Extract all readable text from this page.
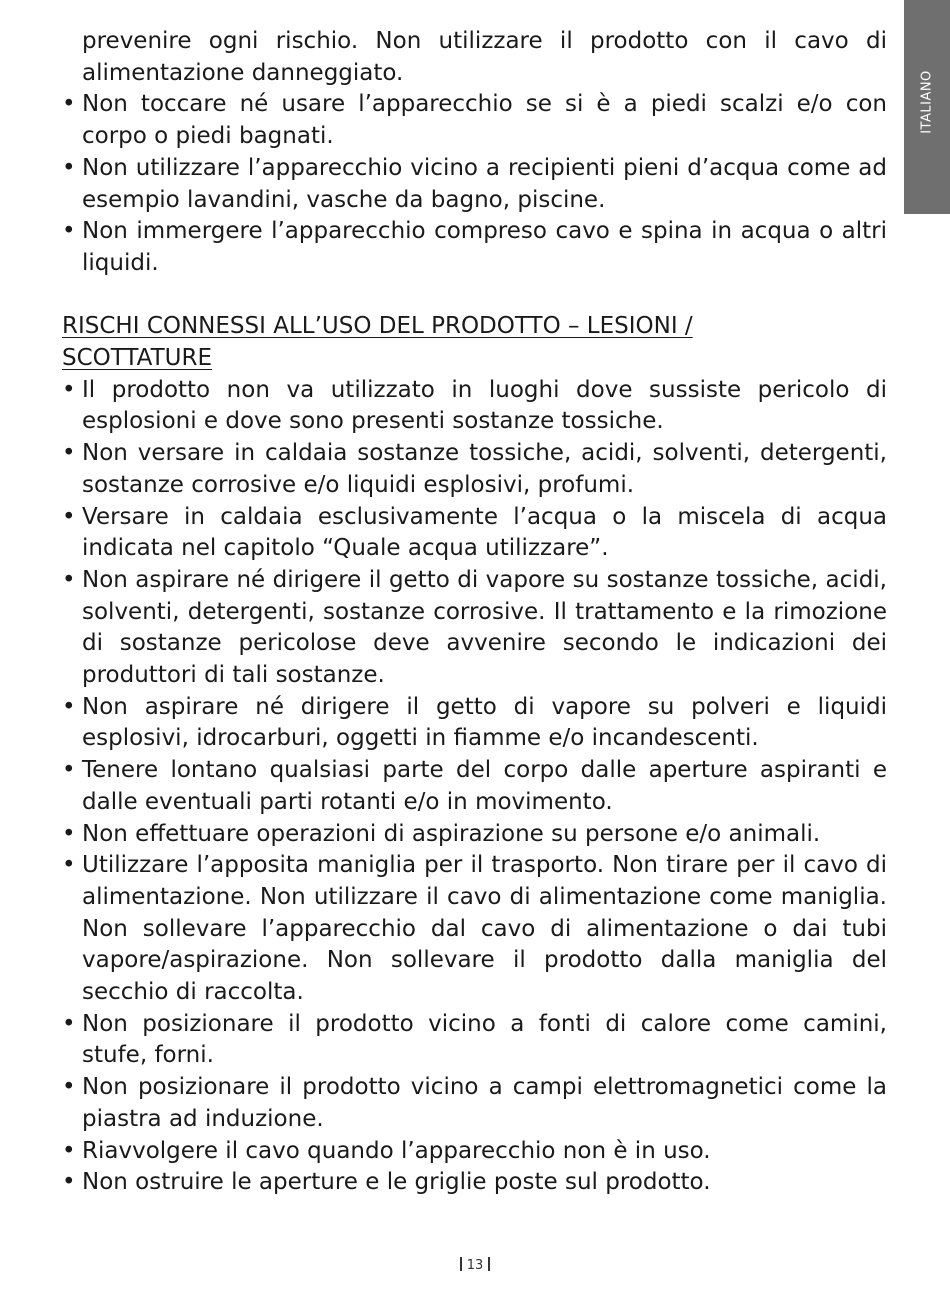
ITALIANO

prevenire ogni rischio. Non utilizzare il prodotto con il cavo di alimentazione danneggiato.

• Non toccare né usare l’apparecchio se si è a piedi scalzi e/o con corpo o piedi bagnati.
• Non utilizzare l’apparecchio vicino a recipienti pieni d’acqua come ad esempio lavandini, vasche da bagno, piscine.
• Non immergere l’apparecchio compreso cavo e spina in acqua o altri liquidi.
RISCHI CONNESSI ALL’USO DEL PRODOTTO – LESIONI / SCOTTATURE
• Il prodotto non va utilizzato in luoghi dove sussiste pericolo di esplosioni e dove sono presenti sostanze tossiche.
• Non versare in caldaia sostanze tossiche, acidi, solventi, detergenti, sostanze corrosive e/o liquidi esplosivi, profumi.
• Versare in caldaia esclusivamente l’acqua o la miscela di acqua indicata nel capitolo “Quale acqua utilizzare”.
• Non aspirare né dirigere il getto di vapore su sostanze tossiche, acidi, solventi, detergenti, sostanze corrosive. Il trattamento e la rimozione di sostanze pericolose deve avvenire secondo le indicazioni dei produttori di tali sostanze.
• Non aspirare né dirigere il getto di vapore su polveri e liquidi esplosivi, idrocarburi, oggetti in fiamme e/o incandescenti.
• Tenere lontano qualsiasi parte del corpo dalle aperture aspiranti e dalle eventuali parti rotanti e/o in movimento.
• Non effettuare operazioni di aspirazione su persone e/o animali.
• Utilizzare l’apposita maniglia per il trasporto. Non tirare per il cavo di alimentazione. Non utilizzare il cavo di alimentazione come maniglia. Non sollevare l’apparecchio dal cavo di alimentazione o dai tubi vapore/aspirazione. Non sollevare il prodotto dalla maniglia del secchio di raccolta.
• Non posizionare il prodotto vicino a fonti di calore come camini, stufe, forni.
• Non posizionare il prodotto vicino a campi elettromagnetici come la piastra ad induzione.
• Riavvolgere il cavo quando l’apparecchio non è in uso.
• Non ostruire le aperture e le griglie poste sul prodotto.
13
